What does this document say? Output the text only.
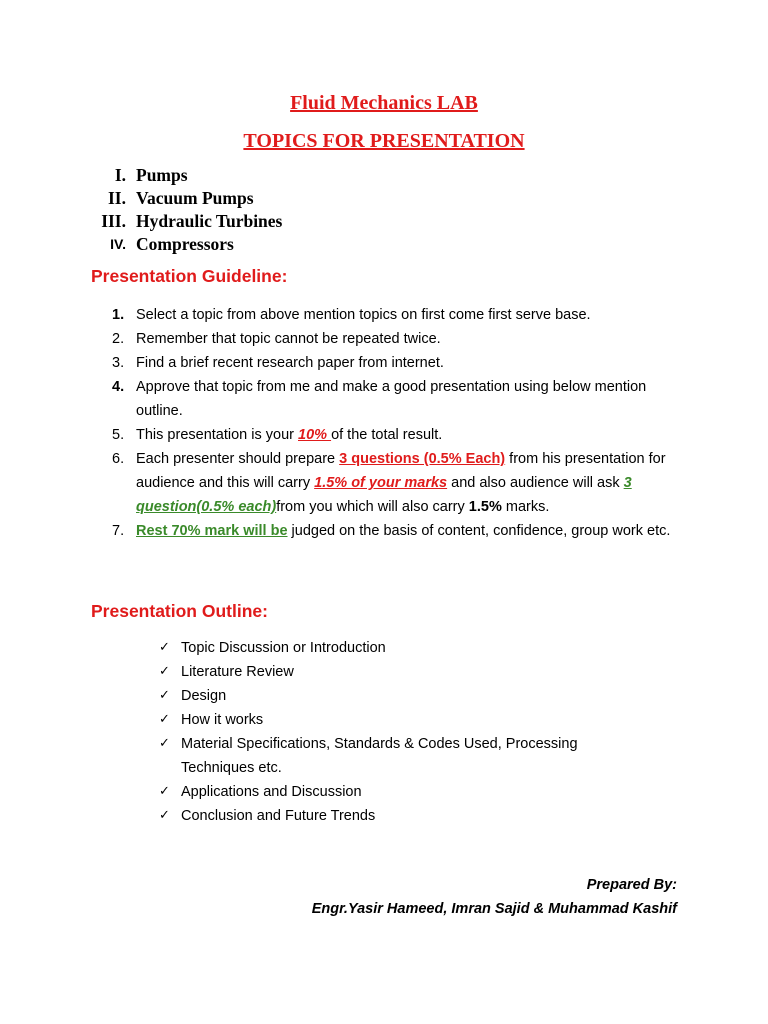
Fluid Mechanics LAB
TOPICS FOR PRESENTATION
I. Pumps
II. Vacuum Pumps
III. Hydraulic Turbines
IV. Compressors
Presentation Guideline:
1. Select a topic from above mention topics on first come first serve base.
2. Remember that topic cannot be repeated twice.
3. Find a brief recent research paper from internet.
4. Approve that topic from me and make a good presentation using below mention outline.
5. This presentation is your 10% of the total result.
6. Each presenter should prepare 3 questions (0.5% Each) from his presentation for audience and this will carry 1.5% of your marks and also audience will ask 3 question(0.5% each)from you which will also carry 1.5% marks.
7. Rest 70% mark will be judged on the basis of content, confidence, group work etc.
Presentation Outline:
✓ Topic Discussion or Introduction
✓ Literature Review
✓ Design
✓ How it works
✓ Material Specifications, Standards & Codes Used, Processing Techniques etc.
✓ Applications and Discussion
✓ Conclusion and Future Trends
Prepared By:
Engr.Yasir Hameed, Imran Sajid & Muhammad Kashif
